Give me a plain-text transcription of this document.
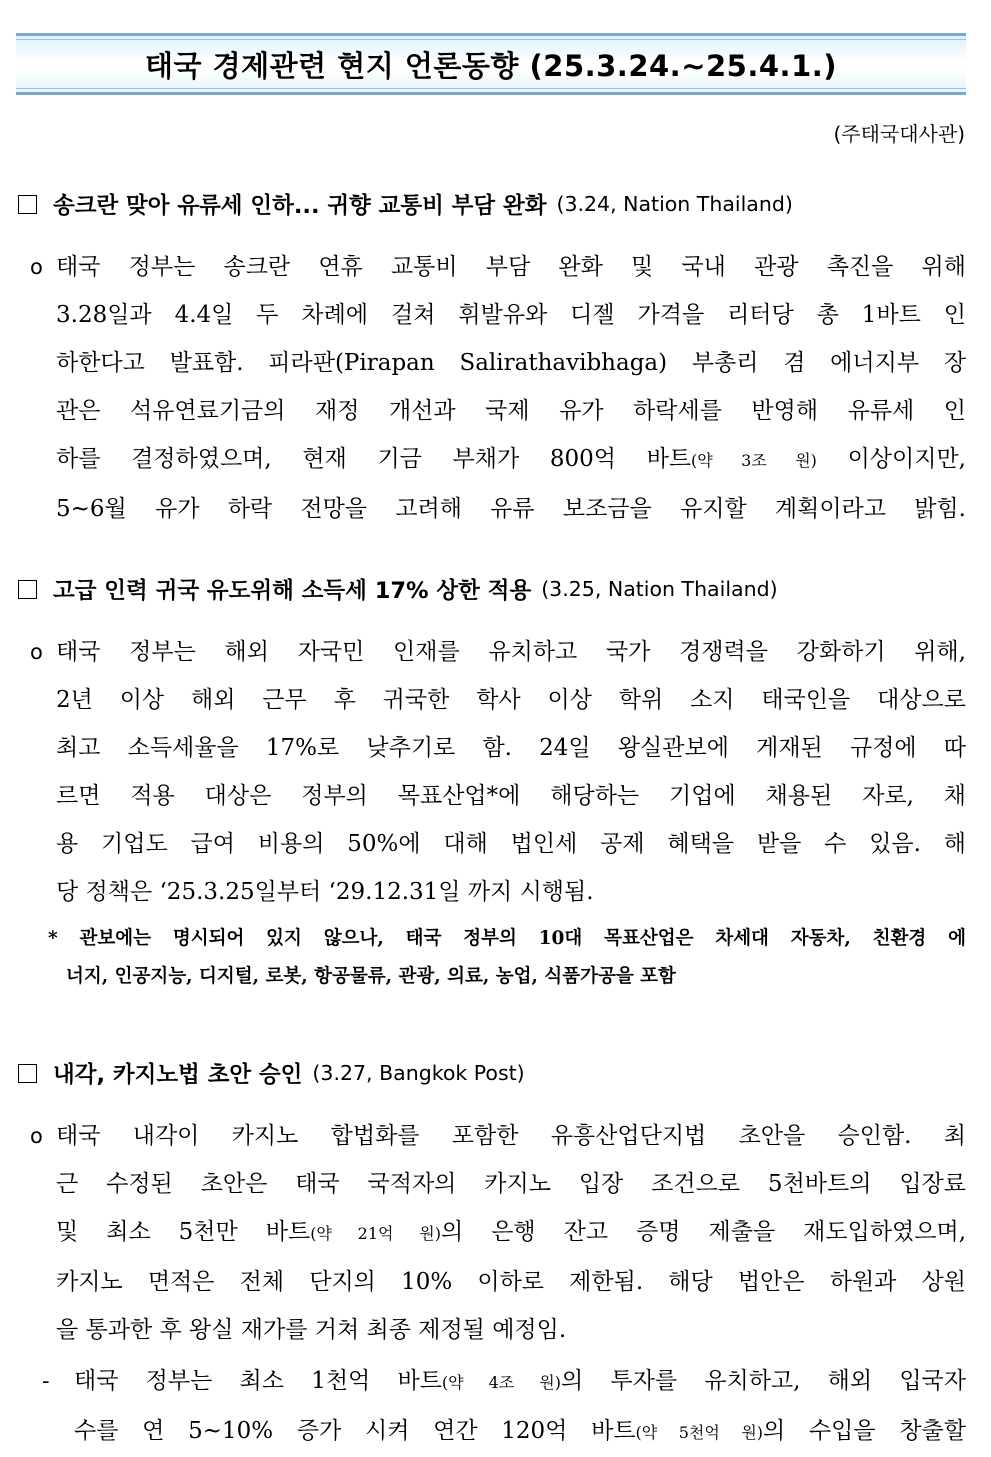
태국 경제관련 현지 언론동향 (25.3.24.~25.4.1.)
(주태국대사관)
송크란 맞아 유류세 인하... 귀향 교통비 부담 완화 (3.24, Nation Thailand)
o 태국 정부는 송크란 연휴 교통비 부담 완화 및 국내 관광 촉진을 위해
3.28일과 4.4일 두 차례에 걸쳐 휘발유와 디젤 가격을 리터당 총 1바트 인
하한다고 발표함. 피라판(Pirapan Salirathavibhaga) 부총리 겸 에너지부 장
관은 석유연료기금의 재정 개선과 국제 유가 하락세를 반영해 유류세 인
하를 결정하였으며, 현재 기금 부채가 800억 바트(약 3조 원) 이상이지만,
5~6월 유가 하락 전망을 고려해 유류 보조금을 유지할 계획이라고 밝힘.
고급 인력 귀국 유도위해 소득세 17% 상한 적용 (3.25, Nation Thailand)
o 태국 정부는 해외 자국민 인재를 유치하고 국가 경쟁력을 강화하기 위해,
2년 이상 해외 근무 후 귀국한 학사 이상 학위 소지 태국인을 대상으로
최고 소득세율을 17%로 낮추기로 함. 24일 왕실관보에 게재된 규정에 따
르면 적용 대상은 정부의 목표산업*에 해당하는 기업에 채용된 자로, 채
용 기업도 급여 비용의 50%에 대해 법인세 공제 혜택을 받을 수 있음. 해
당 정책은 ‘25.3.25일부터 ‘29.12.31일 까지 시행됨.
* 관보에는 명시되어 있지 않으나, 태국 정부의 10대 목표산업은 차세대 자동차, 친환경 에
너지, 인공지능, 디지털, 로봇, 항공물류, 관광, 의료, 농업, 식품가공을 포함
내각, 카지노법 초안 승인 (3.27, Bangkok Post)
o 태국 내각이 카지노 합법화를 포함한 유흥산업단지법 초안을 승인함. 최
근 수정된 초안은 태국 국적자의 카지노 입장 조건으로 5천바트의 입장료
및 최소 5천만 바트(약 21억 원)의 은행 잔고 증명 제출을 재도입하였으며,
카지노 면적은 전체 단지의 10% 이하로 제한됨. 해당 법안은 하원과 상원
을 통과한 후 왕실 재가를 거쳐 최종 제정될 예정임.
- 태국 정부는 최소 1천억 바트(약 4조 원)의 투자를 유치하고, 해외 입국자
수를 연 5~10% 증가 시켜 연간 120억 바트(약 5천억 원)의 수입을 창출할
